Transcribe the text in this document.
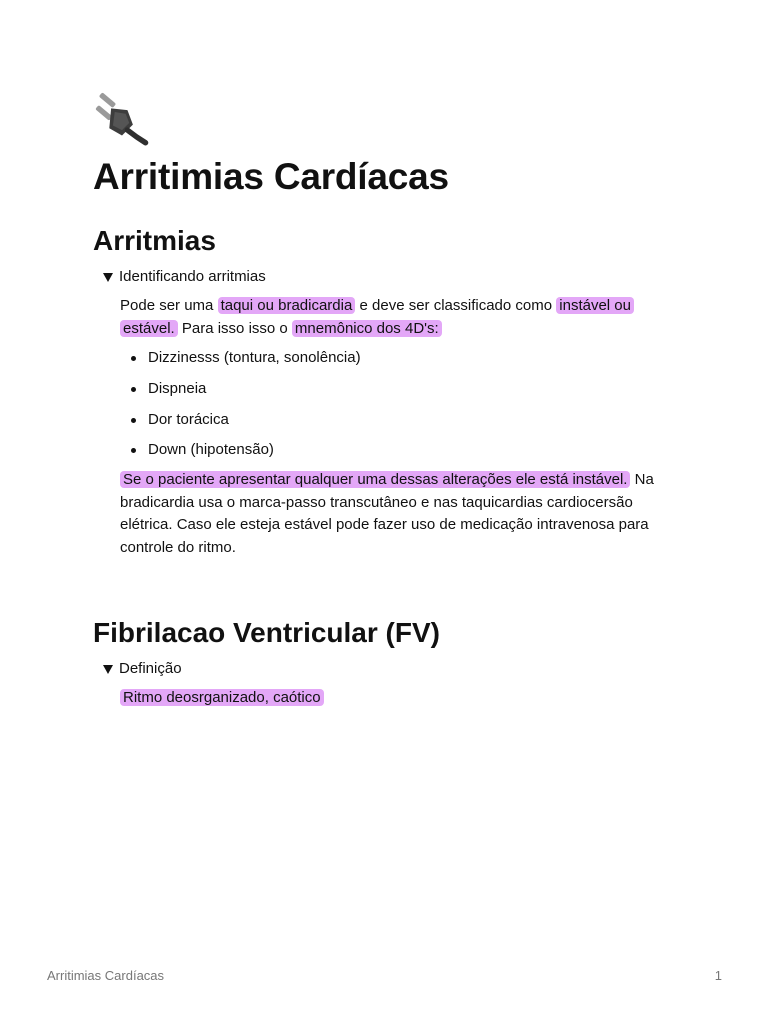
Arritimias Cardíacas
Arritmias
Identificando arritmias

Pode ser uma taqui ou bradicardia e deve ser classificado como instável ou estável. Para isso isso o mnemônico dos 4D's:

Dizzinesss (tontura, sonolência)
Dispneia
Dor torácica
Down (hipotensão)

Se o paciente apresentar qualquer uma dessas alterações ele está instável. Na bradicardia usa o marca-passo transcutâneo e nas taquicardias cardiocersão elétrica. Caso ele esteja estável pode fazer uso de medicação intravenosa para controle do ritmo.

Fibrilacao Ventricular (FV)
Definição

Ritmo deosrganizado, caótico

Arritimias Cardíacas	1
